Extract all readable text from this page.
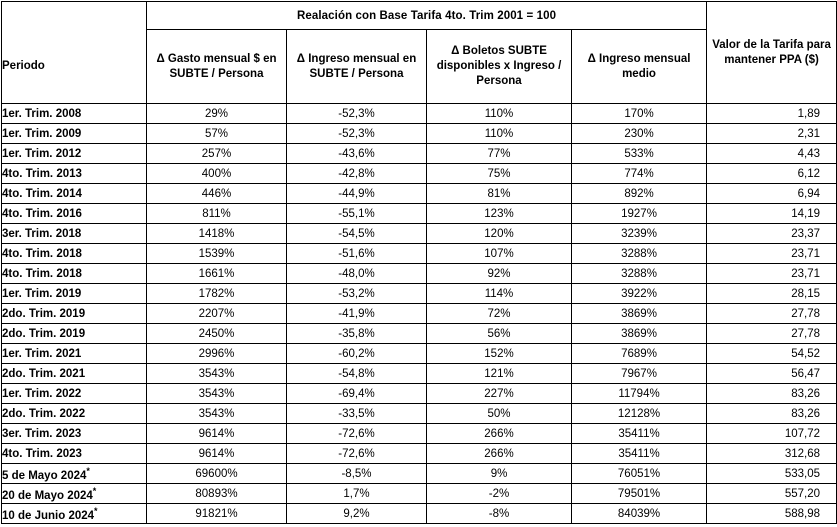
	Realación con Base Tarifa 4to. Trim 2001 = 100				Valor de la Tarifa para mantener PPA ($)
Periodo	Δ Gasto mensual $ en SUBTE / Persona	Δ Ingreso mensual en SUBTE / Persona	Δ Boletos SUBTE disponibles x Ingreso / Persona	Δ Ingreso mensual medio	
1er. Trim. 2008	29%	-52,3%	110%	170%	1,89
1er. Trim. 2009	57%	-52,3%	110%	230%	2,31
1er. Trim. 2012	257%	-43,6%	77%	533%	4,43
4to. Trim. 2013	400%	-42,8%	75%	774%	6,12
4to. Trim. 2014	446%	-44,9%	81%	892%	6,94
4to. Trim. 2016	811%	-55,1%	123%	1927%	14,19
3er. Trim. 2018	1418%	-54,5%	120%	3239%	23,37
4to. Trim. 2018	1539%	-51,6%	107%	3288%	23,71
4to. Trim. 2018	1661%	-48,0%	92%	3288%	23,71
1er. Trim. 2019	1782%	-53,2%	114%	3922%	28,15
2do. Trim. 2019	2207%	-41,9%	72%	3869%	27,78
2do. Trim. 2019	2450%	-35,8%	56%	3869%	27,78
1er. Trim. 2021	2996%	-60,2%	152%	7689%	54,52
2do. Trim. 2021	3543%	-54,8%	121%	7967%	56,47
1er. Trim. 2022	3543%	-69,4%	227%	11794%	83,26
2do. Trim. 2022	3543%	-33,5%	50%	12128%	83,26
3er. Trim. 2023	9614%	-72,6%	266%	35411%	107,72
4to. Trim. 2023	9614%	-72,6%	266%	35411%	312,68
5 de Mayo 2024*	69600%	-8,5%	9%	76051%	533,05
20 de Mayo 2024*	80893%	1,7%	-2%	79501%	557,20
10 de Junio 2024*	91821%	9,2%	-8%	84039%	588,98
